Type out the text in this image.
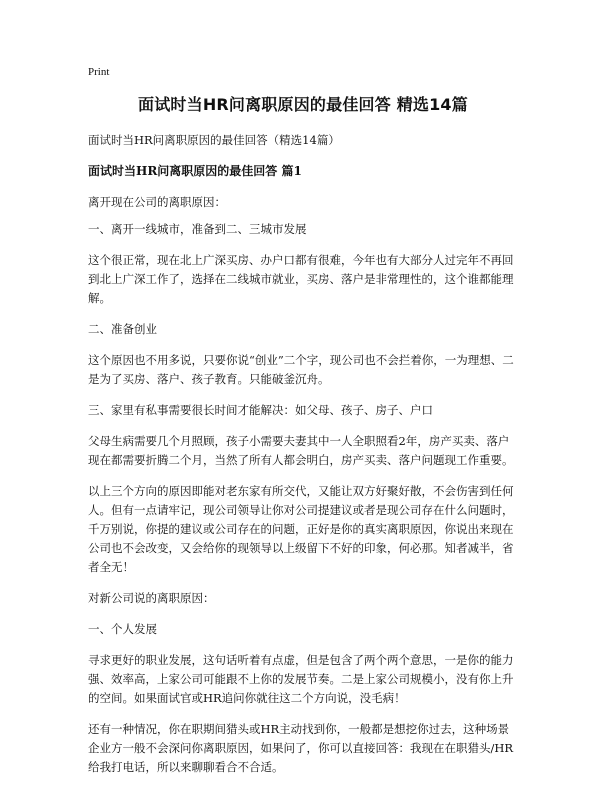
Print
面试时当HR问离职原因的最佳回答 精选14篇
面试时当HR问离职原因的最佳回答（精选14篇）
面试时当HR问离职原因的最佳回答 篇1
离开现在公司的离职原因：
一、离开一线城市，准备到二、三城市发展
这个很正常，现在北上广深买房、办户口都有很难，今年也有大部分人过完年不再回到北上广深工作了，选择在二线城市就业，买房、落户是非常理性的，这个谁都能理解。
二、准备创业
这个原因也不用多说，只要你说“创业”二个字，现公司也不会拦着你，一为理想、二是为了买房、落户、孩子教育。只能破釜沉舟。
三、家里有私事需要很长时间才能解决：如父母、孩子、房子、户口
父母生病需要几个月照顾，孩子小需要夫妻其中一人全职照看2年，房产买卖、落户现在都需要折腾二个月，当然了所有人都会明白，房产买卖、落户问题现工作重要。
以上三个方向的原因即能对老东家有所交代，又能让双方好聚好散，不会伤害到任何人。但有一点请牢记，现公司领导让你对公司提建议或者是现公司存在什么问题时，千万别说，你提的建议或公司存在的问题，正好是你的真实离职原因，你说出来现在公司也不会改变，又会给你的现领导以上级留下不好的印象，何必那。知者减半，省者全无！
对新公司说的离职原因：
一、个人发展
寻求更好的职业发展，这句话听着有点虚，但是包含了两个两个意思，一是你的能力强、效率高，上家公司可能跟不上你的发展节奏。二是上家公司规模小，没有你上升的空间。如果面试官或HR追问你就往这二个方向说，没毛病！
还有一种情况，你在职期间猎头或HR主动找到你，一般都是想挖你过去，这种场景企业方一般不会深问你离职原因，如果问了，你可以直接回答：我现在在职猎头/HR给我打电话，所以来聊聊看合不合适。
